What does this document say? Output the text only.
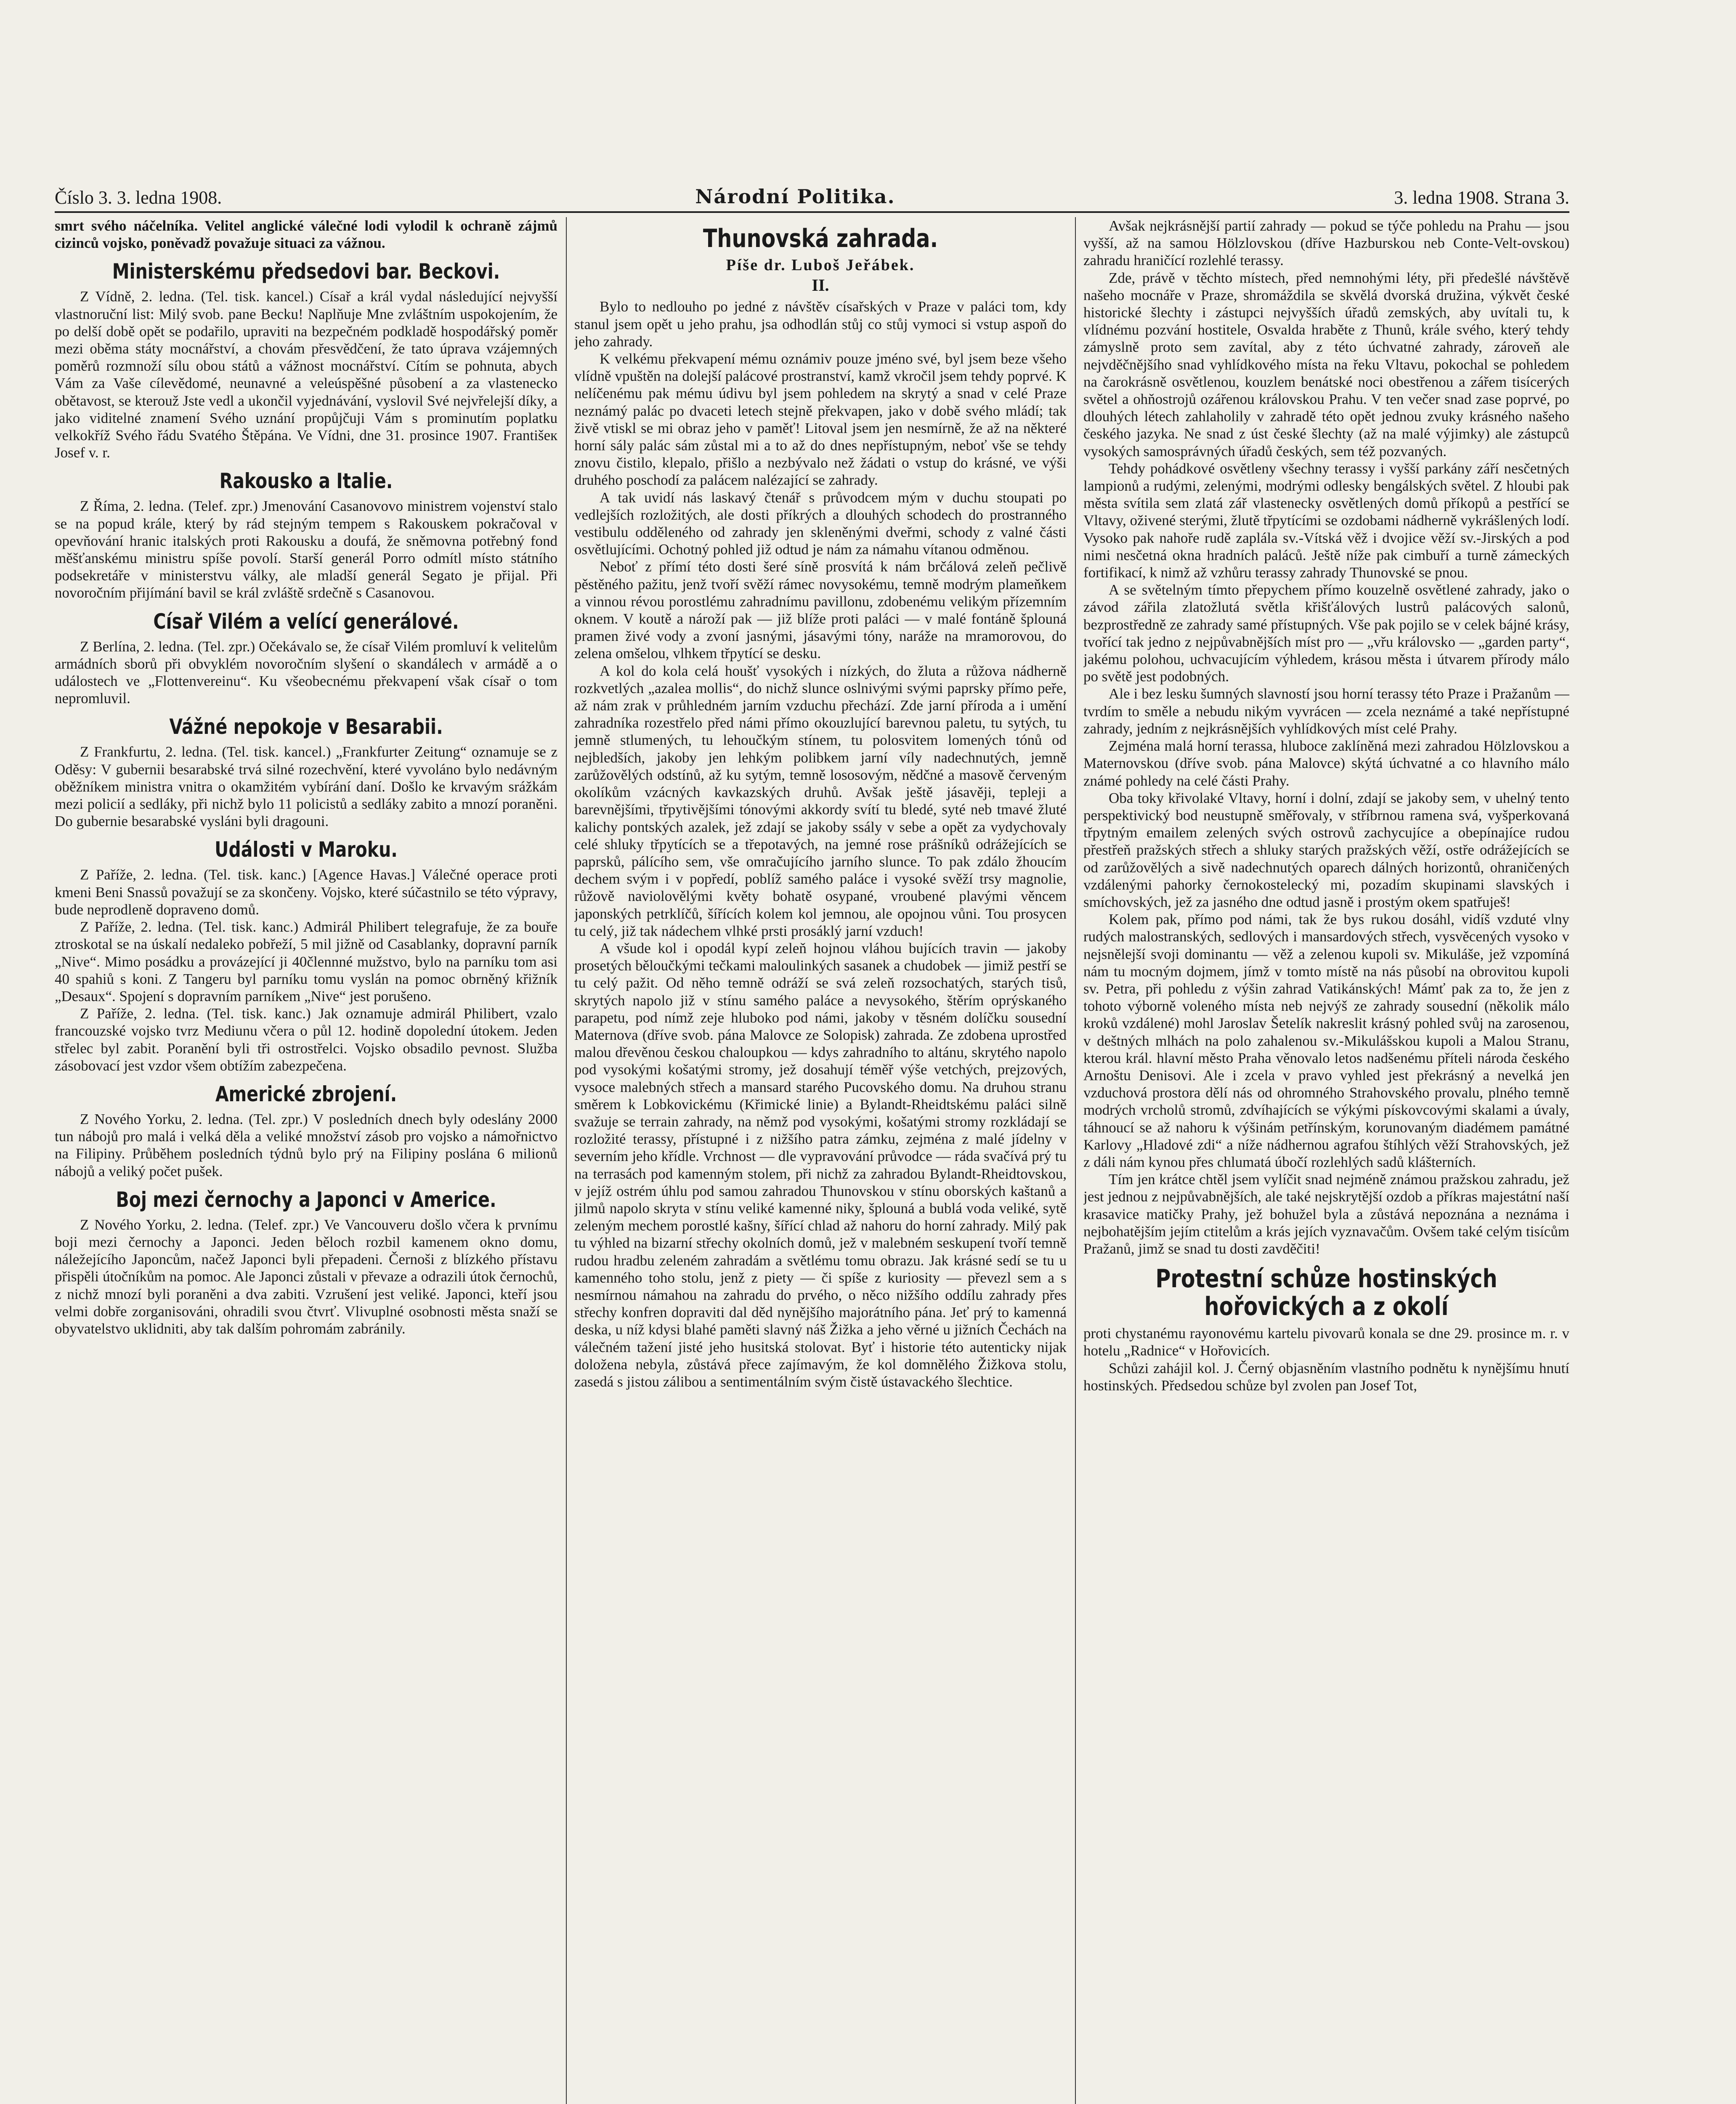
Číslo 3. 3. ledna 1908.	Národní Politika.	3. ledna 1908. Strana 3.

smrt svého náčelníka. Velitel anglické válečné lodi vylodil k ochraně zájmů cizinců vojsko, poněvadž považuje situaci za vážnou.

Ministerskému předsedovi bar. Beckovi.

Z Vídně, 2. ledna. (Tel. tisk. kancel.) Císař a král vydal následující nejvyšší vlastnoruční list: Milý svob. pane Becku! Naplňuje Mne zvláštním uspokojením, že po delší době opět se podařilo, upraviti na bezpečném podkladě hospodářský poměr mezi oběma státy mocnářství, a chovám přesvědčení, že tato úprava vzájemných poměrů rozmnoží sílu obou států a vážnost mocnářství. Cítím se pohnuta, abych Vám za Vaše cílevědomé, neunavné a veleúspěšné působení a za vlastenecko obětavost, se kterouž Jste vedl a ukončil vyjednávání, vyslovil Své nejvřelejší díky, a jako viditelné znamení Svého uznání propůjčuji Vám s prominutím poplatku velkokříž Svého řádu Svatého Štěpána. Ve Vídni, dne 31. prosince 1907. Františeк Josef v. r.

Rakousko a Italie.

Z Říma, 2. ledna. (Telef. zpr.) Jmenování Casanovovo ministrem vojenství stalo se na popud krále, který by rád stejným tempem s Rakouskem pokračoval v opevňování hranic italských proti Rakousku a doufá, že sněmovna potřebný fond měšťanskému ministru spíše povolí. Starší generál Porro odmítl místo státního podsekretáře v ministerstvu války, ale mladší generál Segato je přijal. Při novoročním přijímání bavil se král zvláště srdečně s Casanovou.

Císař Vilém a velící generálové.

Z Berlína, 2. ledna. (Tel. zpr.) Očekávalo se, že císař Vilém promluví k velitelům armádních sborů při obvyklém novoročním slyšení o skandálech v armádě a o událostech ve „Flottenvereinu“. Ku všeobecnému překvapení však císař o tom nepromluvil.

Vážné nepokoje v Besarabii.

Z Frankfurtu, 2. ledna. (Tel. tisk. kancel.) „Frankfurter Zeitung“ oznamuje se z Oděsy: V gubernii besarabské trvá silné rozechvění, které vyvoláno bylo nedávným oběžníkem ministra vnitra o okamžitém vybírání daní. Došlo ke krvavým srážkám mezi policií a sedláky, při nichž bylo 11 policistů a sedláky zabito a mnozí poraněni. Do gubernie besarabské vysláni byli dragouni.

Události v Maroku.

Z Paříže, 2. ledna. (Tel. tisk. kanc.) [Agence Havas.] Válečné operace proti kmeni Beni Snassů považují se za skončeny. Vojsko, které súčastnilo se této výpravy, bude neprodleně dopraveno domů.

Z Paříže, 2. ledna. (Tel. tisk. kanc.) Admirál Philibert telegrafuje, že za bouře ztroskotal se na úskalí nedaleko pobřeží, 5 mil jižně od Casablanky, dopravní parník „Nive“. Mimo posádku a provázející ji 40člennné mužstvo, bylo na parníku tom asi 40 spahiů s koni. Z Tangeru byl parníku tomu vyslán na pomoc obrněný křižník „Desaux“. Spojení s dopravním parníkem „Nive“ jest porušeno.

Z Paříže, 2. ledna. (Tel. tisk. kanc.) Jak oznamuje admirál Philibert, vzalo francouzské vojsko tvrz Mediunu včera o půl 12. hodině dopolední útokem. Jeden střelec byl zabit. Poranění byli tři ostrostřelci. Vojsko obsadilo pevnost. Služba zásobovací jest vzdor všem obtížím zabezpečena.

Americké zbrojení.

Z Nového Yorku, 2. ledna. (Tel. zpr.) V posledních dnech byly odeslány 2000 tun nábojů pro malá i velká děla a veliké množství zásob pro vojsko a námořnictvo na Filipiny. Průběhem posledních týdnů bylo prý na Filipiny poslána 6 milionů nábojů a veliký počet pušek.

Boj mezi černochy a Japonci v Americe.

Z Nového Yorku, 2. ledna. (Telef. zpr.) Ve Vancouveru došlo včera k prvnímu boji mezi černochy a Japonci. Jeden běloch rozbil kamenem okno domu, náležejícího Japoncům, načež Japonci byli přepadeni. Černoši z blízkého přístavu přispěli útočníkům na pomoc. Ale Japonci zůstali v převaze a odrazili útok černochů, z nichž mnozí byli poraněni a dva zabiti. Vzrušení jest veliké. Japonci, kteří jsou velmi dobře zorganisováni, ohradili svou čtvrť. Vlivuplné osobnosti města snaží se obyvatelstvo uklidniti, aby tak dalším pohromám zabránily.

Thunovská zahrada.
Píše dr. Luboš Jeřábek.
II.

Bylo to nedlouho po jedné z návštěv císařských v Praze v paláci tom, kdy stanul jsem opět u jeho prahu, jsa odhodlán stůj co stůj vymoci si vstup aspoň do jeho zahrady.

K velkému překvapení mému oznámiv pouze jméno své, byl jsem beze všeho vlídně vpuštěn na dolejší palácové prostranství, kamž vkročil jsem tehdy poprvé. K nelíčenému pak mému údivu byl jsem pohledem na skrytý a snad v celé Praze neznámý palác po dvaceti letech stejně překvapen, jako v době svého mládí; tak živě vtiskl se mi obraz jeho v paměť! Litoval jsem jen nesmírně, že až na některé horní sály palác sám zůstal mi a to až do dnes nepřístupným, neboť vše se tehdy znovu čistilo, klepalo, přišlo a nezbývalo než žádati o vstup do krásné, ve výši druhého poschodí za palácem nalézající se zahrady.

A tak uvidí nás laskavý čtenář s průvodcem mým v duchu stoupati po vedlejších rozložitých, ale dosti příkrých a dlouhých schodech do prostranného vestibulu odděleného od zahrady jen skleněnými dveřmi, schody z valné části osvětlujícími. Ochotný pohled již odtud je nám za námahu vítanou odměnou.

Neboť z přímí této dosti šeré síně prosvítá k nám brčálová zeleň pečlivě pěstěného pažitu, jenž tvoří svěží rámec novysokému, temně modrým plameňkem a vinnou révou porostlému zahradnímu pavillonu, zdobenému velikým přízemním oknem. V koutě a nároží pak — již blíže proti paláci — v malé fontáně šplouná pramen živé vody a zvoní jasnými, jásavými tóny, naráže na mramorovou, do zelena omšelou, vlhkem třpytící se desku.

A kol do kola celá houšť vysokých i nízkých, do žluta a růžova nádherně rozkvetlých „azalea mollis“, do nichž slunce oslnivými svými paprsky přímo peře, až nám zrak v průhledném jarním vzduchu přechází. Zde jarní příroda a i umění zahradníka rozestřelo před námi přímo okouzlující barevnou paletu, tu sytých, tu jemně stlumených, tu lehoučkým stínem, tu polosvitem lomených tónů od nejbledších, jakoby jen lehkým polibkem jarní víly nadechnutých, jemně zarůžovělých odstínů, až ku sytým, temně lososovým, nědčné a masově červeným okolíkům vzácných kavkazských druhů. Avšak ještě jásavěji, tepleji a barevnějšími, třpytivějšími tónovými akkordy svítí tu bledé, syté neb tmavé žluté kalichy pontských azalek, jež zdají se jakoby ssály v sebe a opět za vydychovaly celé shluky třpytících se a třepotavých, na jemné rose prášníků odrážejících se paprsků, pálícího sem, vše omračujícího jarního slunce. To pak zdálo žhoucím dechem svým i v popředí, poblíž samého paláce i vysoké svěží trsy magnolie, růžově naviolovělými květy bohatě osypané, vroubené plavými věncem japonských petrklíčů, šířících kolem kol jemnou, ale opojnou vůni. Tou prosycen tu celý, již tak nádechem vlhké prsti prosáklý jarní vzduch!

A všude kol i opodál kypí zeleň hojnou vláhou bujících travin — jakoby prosetých běloučkými tečkami maloulinkých sasanek a chudobek — jimiž pestří se tu celý pažit. Od něho temně odráží se svá zeleň rozsochatých, starých tisů, skrytých napolo již v stínu samého paláce a nevysokého, štěrím oprýskaného parapetu, pod nímž zeje hluboko pod námi, jakoby v těsném dolíčku sousední Maternova (dříve svob. pána Malovce ze Solopisk) zahrada. Ze zdobena uprostřed malou dřevěnou českou chaloupkou — kdys zahradního to altánu, skrytého napolo pod vysokými košatými stromy, jež dosahují téměř výše vetchých, prejzových, vysoce malebných střech a mansard starého Pucovského domu. Na druhou stranu směrem k Lobkovickému (Křimické linie) a Bylandt-Rheidtskému paláci silně svažuje se terrain zahrady, na němž pod vysokými, košatými stromy rozkládají se rozložité terassy, přístupné i z nižšího patra zámku, zejména z malé jídelny v severním jeho křídle. Vrchnost — dle vypravování průvodce — ráda svačívá prý tu na terrasách pod kamenným stolem, při nichž za zahradou Bylandt-Rheidtovskou, v jejíž ostrém úhlu pod samou zahradou Thunovskou v stínu oborských kaštanů a jilmů napolo skryta v stínu veliké kamenné niky, šplouná a bublá voda veliké, sytě zeleným mechem porostlé kašny, šířící chlad až nahoru do horní zahrady. Milý pak tu výhled na bizarní střechy okolních domů, jež v malebném seskupení tvoří temně rudou hradbu zeleném zahradám a světlému tomu obrazu. Jak krásné sedí se tu u kamenného toho stolu, jenž z piety — či spíše z kuriosity — převezl sem a s nesmírnou námahou na zahradu do prvého, o něco nižšího oddílu zahrady přes střechy konfren dopraviti dal děd nynějšího majorátního pána. Jeť prý to kamenná deska, u níž kdysi blahé paměti slavný náš Žižka a jeho věrné u jižních Čechách na válečném tažení jisté jeho husitská stolovat. Byť i historie této autenticky nijak doložena nebyla, zůstává přece zajímavým, že kol domnělého Žižkova stolu, zasedá s jistou zálibou a sentimentálním svým čistě ústavackého šlechtice.

Avšak nejkrásnější partií zahrady — pokud se týče pohledu na Prahu — jsou vyšší, až na samou Hölzlovskou (dříve Hazburskou neb Conte-Velt-ovskou) zahradu hraničící rozlehlé terassy.

Zde, právě v těchto místech, před nemnohými léty, při předešlé návštěvě našeho mocnáře v Praze, shromáždila se skvělá dvorská družina, výkvět české historické šlechty i zástupci nejvyšších úřadů zemských, aby uvítali tu, k vlídnému pozvání hostitele, Osvalda hraběte z Thunů, krále svého, který tehdy zámyslně proto sem zavítal, aby z této úchvatné zahrady, zároveň ale nejvděčnějšího snad vyhlídkového místa na řeku Vltavu, pokochal se pohledem na čarokrásně osvětlenou, kouzlem benátské noci obestřenou a zářem tisícerých světel a ohňostrojů ozářenou královskou Prahu. V ten večer snad zase poprvé, po dlouhých létech zahlaholily v zahradě této opět jednou zvuky krásného našeho českého jazyka. Ne snad z úst české šlechty (až na malé výjimky) ale zástupců vysokých samosprávných úřadů českých, sem též pozvaných.

Tehdy pohádkové osvětleny všechny terassy i vyšší parkány září nesčetných lampionů a rudými, zelenými, modrými odlesky bengálských světel. Z hloubi pak města svítila sem zlatá zář vlastenecky osvětlených domů příkopů a pestřící se Vltavy, oživené sterými, žlutě třpytícími se ozdobami nádherně vykrášlených lodí. Vysoko pak nahoře rudě zaplála sv.-Vítská věž i dvojice věží sv.-Jirských a pod nimi nesčetná okna hradních paláců. Ještě níže pak cimbuří a turně zámeckých fortifikací, k nimž až vzhůru terassy zahrady Thunovské se pnou.

A se světelným tímto přepychem přímo kouzelně osvětlené zahrady, jako o závod zářila zlatožlutá světla křišťálových lustrů palácových salonů, bezprostředně ze zahrady samé přístupných. Vše pak pojilo se v celek bájné krásy, tvořící tak jedno z nejpůvabnějších míst pro — „vřu královsko — „garden party“, jakému polohou, uchvacujícím výhledem, krásou města i útvarem přírody málo po světě jest podobných.

Ale i bez lesku šumných slavností jsou horní terassy této Praze i Pražanům — tvrdím to směle a nebudu nikým vyvrácen — zcela neznámé a také nepřístupné zahrady, jedním z nejkrásnějších vyhlídkových míst celé Prahy.

Zejména malá horní terassa, hluboce zaklíněná mezi zahradou Hölzlovskou a Maternovskou (dříve svob. pána Malovce) skýtá úchvatné a co hlavního málo známé pohledy na celé části Prahy.

Oba toky křivolaké Vltavy, horní i dolní, zdají se jakoby sem, v uhelný tento perspektivický bod neustupně směřovaly, v stříbrnou ramena svá, vyšperkovaná třpytným emailem zelených svých ostrovů zachycujíce a obepínajíce rudou přestřeň pražských střech a shluky starých pražských věží, ostře odrážejících se od zarůžovělých a sivě nadechnutých oparech dálných horizontů, ohraničených vzdálenými pahorky černokostelecký mi, pozadím skupinami slavských i smíchovských, jež za jasného dne odtud jasně i prostým okem spatřuješ!

Kolem pak, přímo pod námi, tak že bys rukou dosáhl, vidíš vzduté vlny rudých malostranských, sedlových i mansardových střech, vysvěcených vysoko v nejsnělejší svoji dominantu — věž a zelenou kupoli sv. Mikuláše, jež vzpomíná nám tu mocným dojmem, jímž v tomto místě na nás působí na obrovitou kupoli sv. Petra, při pohledu z výšin zahrad Vatikánských! Mámť pak za to, že jen z tohoto výborně voleného místa neb nejvýš ze zahrady sousední (několik málo kroků vzdálené) mohl Jaroslav Šetelík nakreslit krásný pohled svůj na zarosenou, v deštných mlhách na polo zahalenou sv.-Mikulášskou kupoli a Malou Stranu, kterou král. hlavní město Praha věnovalo letos nadšenému příteli národa českého Arnoštu Denisovi. Ale i zcela v pravo vyhled jest překrásný a nevelká jen vzduchová prostora dělí nás od ohromného Strahovského provalu, plného temně modrých vrcholů stromů, zdvíhajících se výkými pískovcovými skalami a úvaly, táhnoucí se až nahoru k výšinám petřínským, korunovaným diadémem památné Karlovy „Hladové zdi“ a níže nádhernou agrafou štíhlých věží Strahovských, jež z dáli nám kynou přes chlumatá úbočí rozlehlých sadů klášterních.

Tím jen krátce chtěl jsem vylíčit snad nejméně známou pražskou zahradu, jež jest jednou z nejpůvabnějších, ale také nejskrytější ozdob a příkras majestátní naší krasavice matičky Prahy, jež bohužel byla a zůstává nepoznána a neznáma i nejbohatějším jejím ctitelům a krás jejích vyznavačům. Ovšem také celým tisícům Pražanů, jimž se snad tu dosti zavděčiti!

Protestní schůze hostinských hořovických a z okolí

proti chystanému rayonovému kartelu pivovarů konala se dne 29. prosince m. r. v hotelu „Radnice“ v Hořovicích.

Schůzi zahájil kol. J. Černý objasněním vlastního podnětu k nynějšímu hnutí hostinských. Předsedou schůze byl zvolen pan Josef Tot,
